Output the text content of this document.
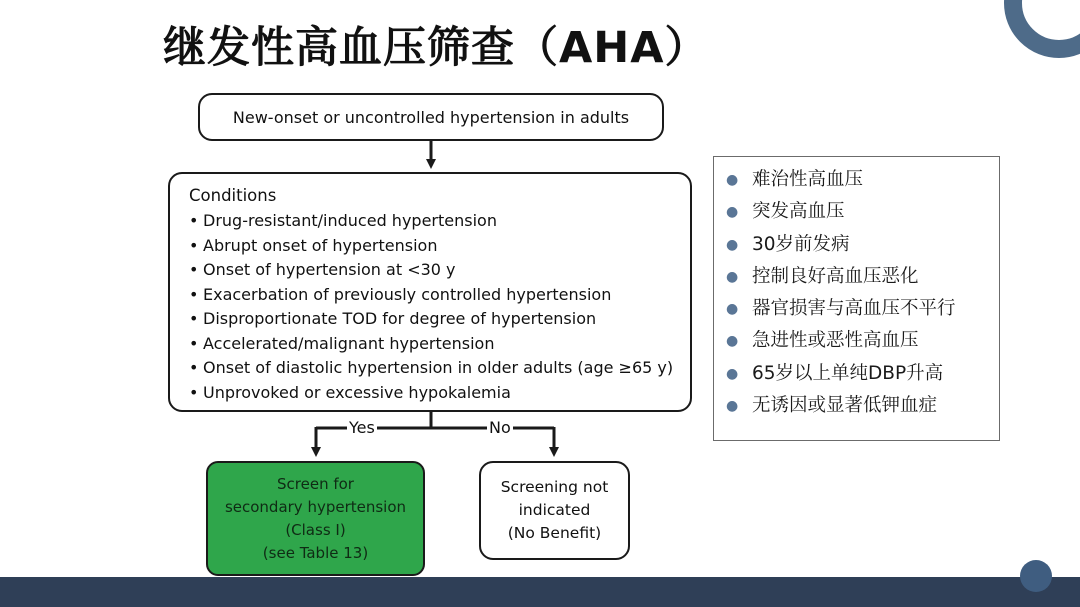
继发性高血压筛查（AHA）
New-onset or uncontrolled hypertension in adults
Conditions
• Drug-resistant/induced hypertension
• Abrupt onset of hypertension
• Onset of hypertension at <30 y
• Exacerbation of previously controlled hypertension
• Disproportionate TOD for degree of hypertension
• Accelerated/malignant hypertension
• Onset of diastolic hypertension in older adults (age ≥65 y)
• Unprovoked or excessive hypokalemia
Yes	No
Screen for
secondary hypertension
(Class I)
(see Table 13)
Screening not
indicated
(No Benefit)
● 难治性高血压
● 突发高血压
● 30岁前发病
● 控制良好高血压恶化
● 器官损害与高血压不平行
● 急进性或恶性高血压
● 65岁以上单纯DBP升高
● 无诱因或显著低钾血症
